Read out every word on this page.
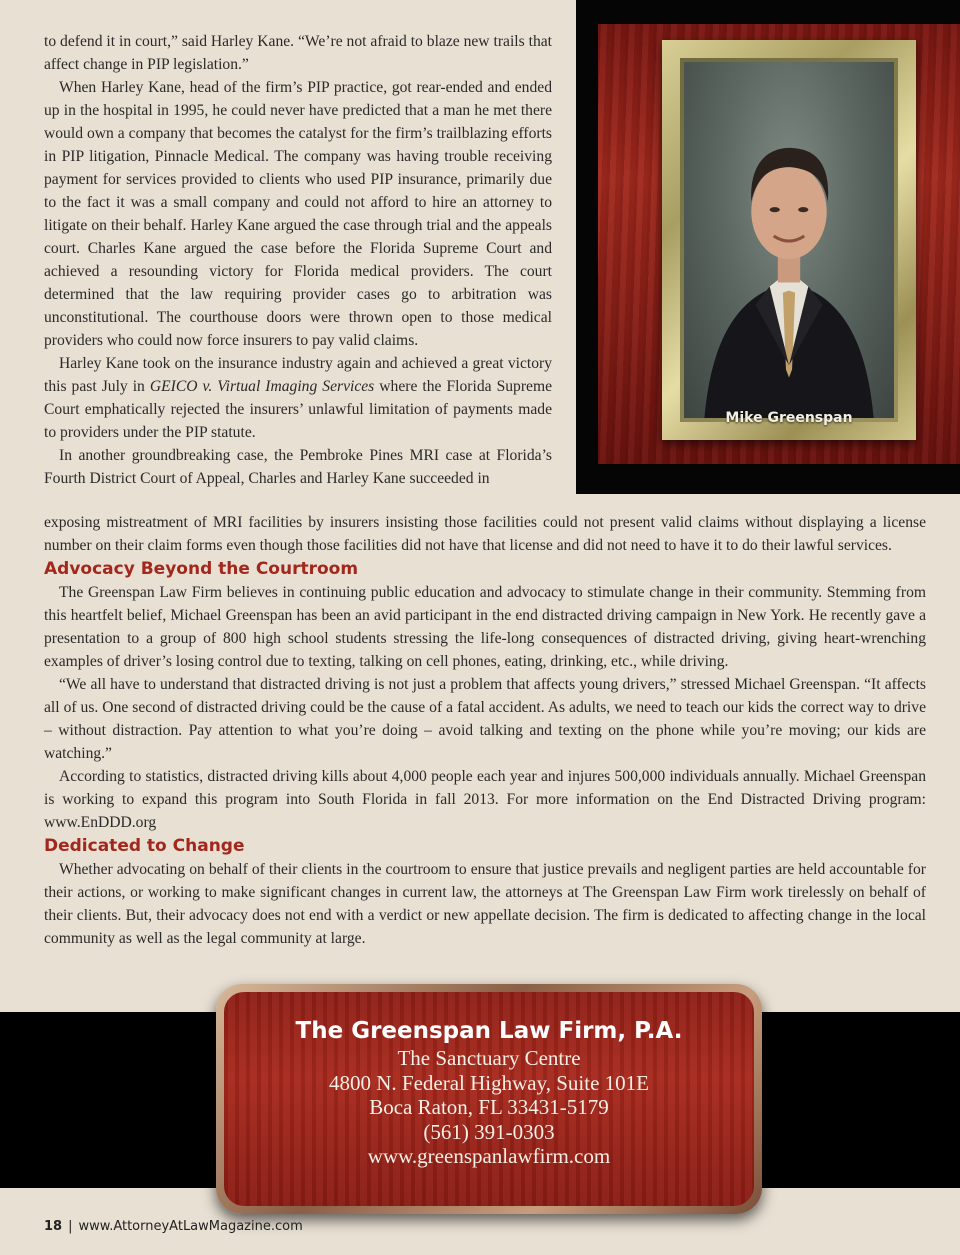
Mike Greenspan

to defend it in court,” said Harley Kane. “We’re not afraid to blaze new trails that affect change in PIP legislation.”

When Harley Kane, head of the firm’s PIP practice, got rear-ended and ended up in the hospital in 1995, he could never have predicted that a man he met there would own a company that becomes the catalyst for the firm’s trailblazing efforts in PIP litigation, Pinnacle Medical. The company was having trouble receiving payment for services provided to clients who used PIP insurance, primarily due to the fact it was a small company and could not afford to hire an attorney to litigate on their behalf. Harley Kane argued the case through trial and the appeals court. Charles Kane argued the case before the Florida Supreme Court and achieved a resounding victory for Florida medical providers. The court determined that the law requiring provider cases go to arbitration was unconstitutional. The courthouse doors were thrown open to those medical providers who could now force insurers to pay valid claims.

Harley Kane took on the insurance industry again and achieved a great victory this past July in GEICO v. Virtual Imaging Services where the Florida Supreme Court emphatically rejected the insurers’ unlawful limitation of payments made to providers under the PIP statute.

In another groundbreaking case, the Pembroke Pines MRI case at Florida’s Fourth District Court of Appeal, Charles and Harley Kane succeeded in

exposing mistreatment of MRI facilities by insurers insisting those facilities could not present valid claims without displaying a license number on their claim forms even though those facilities did not have that license and did not need to have it to do their lawful services.

Advocacy Beyond the Courtroom

The Greenspan Law Firm believes in continuing public education and advocacy to stimulate change in their community. Stemming from this heartfelt belief, Michael Greenspan has been an avid participant in the end distracted driving campaign in New York. He recently gave a presentation to a group of 800 high school students stressing the life-long consequences of distracted driving, giving heart-wrenching examples of driver’s losing control due to texting, talking on cell phones, eating, drinking, etc., while driving.

“We all have to understand that distracted driving is not just a problem that affects young drivers,” stressed Michael Greenspan. “It affects all of us. One second of distracted driving could be the cause of a fatal accident. As adults, we need to teach our kids the correct way to drive – without distraction. Pay attention to what you’re doing – avoid talking and texting on the phone while you’re moving; our kids are watching.”

According to statistics, distracted driving kills about 4,000 people each year and injures 500,000 individuals annually. Michael Greenspan is working to expand this program into South Florida in fall 2013. For more information on the End Distracted Driving program: www.EnDDD.org

Dedicated to Change

Whether advocating on behalf of their clients in the courtroom to ensure that justice prevails and negligent parties are held accountable for their actions, or working to make significant changes in current law, the attorneys at The Greenspan Law Firm work tirelessly on behalf of their clients. But, their advocacy does not end with a verdict or new appellate decision. The firm is dedicated to affecting change in the local community as well as the legal community at large.

The Greenspan Law Firm, P.A.

The Sanctuary Centre

4800 N. Federal Highway, Suite 101E

Boca Raton, FL 33431-5179

(561) 391-0303

www.greenspanlawfirm.com

18 | www.AttorneyAtLawMagazine.com
